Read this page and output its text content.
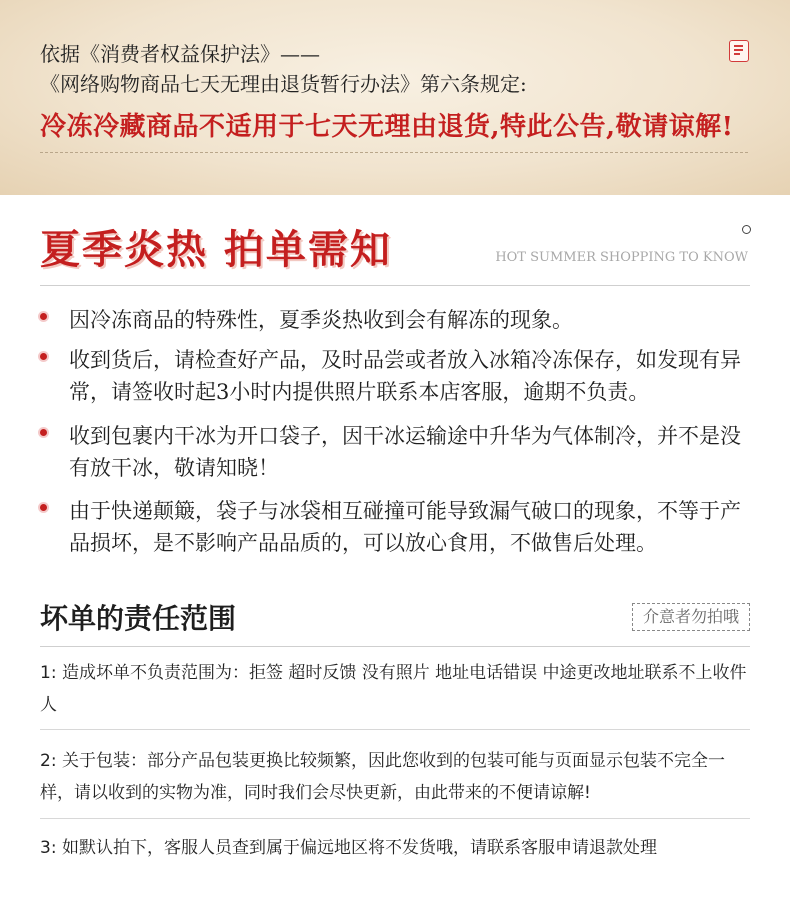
依据《消费者权益保护法》——
《网络购物商品七天无理由退货暂行办法》第六条规定:
冷冻冷藏商品不适用于七天无理由退货,特此公告,敬请谅解!
夏季炎热 拍单需知	HOT SUMMER SHOPPING TO KNOW
因冷冻商品的特殊性，夏季炎热收到会有解冻的现象。
收到货后，请检查好产品，及时品尝或者放入冰箱冷冻保存，如发现有异常，请签收时起3小时内提供照片联系本店客服，逾期不负责。
收到包裹内干冰为开口袋子，因干冰运输途中升华为气体制冷，并不是没有放干冰，敬请知晓！
由于快递颠簸，袋子与冰袋相互碰撞可能导致漏气破口的现象，不等于产品损坏，是不影响产品品质的，可以放心食用，不做售后处理。
坏单的责任范围	介意者勿拍哦
1: 造成坏单不负责范围为：拒签 超时反馈 没有照片 地址电话错误 中途更改地址联系不上收件人
2: 关于包装：部分产品包装更换比较频繁，因此您收到的包装可能与页面显示包装不完全一样，请以收到的实物为准，同时我们会尽快更新，由此带来的不便请谅解!
3: 如默认拍下，客服人员查到属于偏远地区将不发货哦，请联系客服申请退款处理
